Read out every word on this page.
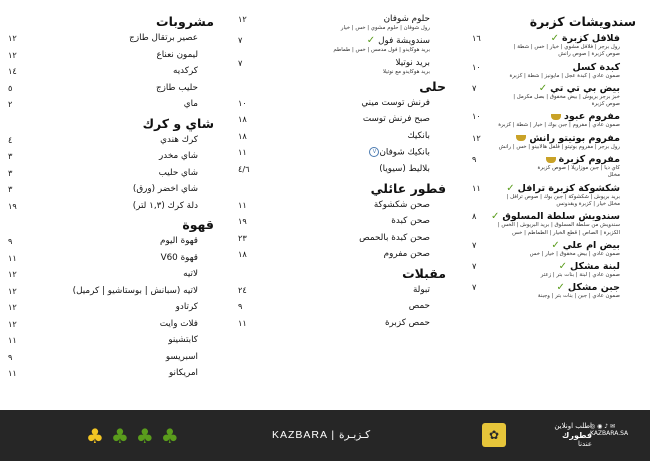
سندويشات كزبرة
فلافل كزبرة✓
رول برجر | فلافل مشوي | خيار | خس | شطة |
صوص كزبرة | صوص رانش
١٦
كبدة كسل
صمون عادي | كبدة عجل | مايونيز | شطة | كزبرة
١٠
بيض بي تي تي✓
خبز برجر بريوش | بيض مخفوق | بصل مكرمل |
صوص كزبرة
٧
مفروم عبود
صمون عادي | مفروم | جبن بوك | خيار | شطة | كزبرة
١٠
مفروم بوتيتو رانش
رول برجر | مفروم بوتيتو | فلفل هالابينو | خس | رانش
١٢
مفروم كزبرة
كاي ديا | جبن موزاريلا | صوص كزبرة
مخلل
٩
شكشوكة كزبرة ترافل✓
بريد بريوش | شكشوكة | جبن بوك | صوص ترافل |
مخلل خيار | كزبرة وبقدونس
١١
سندويش سلطة المسلوق✓
سندويش من سلطة المسلوق | بريد البريوش | الخس |
الكزبرة | الصاص | قطع الخيار | الطماطم | خس
٨
بيض ام علي✓
صمون عادي | بيض مخفوق | خيار | خس
٧
لبنة مشكل✓
صمون عادي | لبنة | بنات بتر | زعتر
٧
جبن مشكل✓
صمون عادي | جبن | بنات بتر | وجبنة
٧
حلوم شوفان
رول شوفان | حلوم مشوي | خس | خيار
١٢
سندويشة فول✓
بريد هوكايدو | فول مدمس | خس | طماطم
٧
بريد نوتيلا
بريد هوكايدو مع نوتيلا
٧
حلى
فرنش توست ميني
١٠
صبح فرنش توست
١٨
بانكيك
١٨
بانكيك شوفانV
١١
بلاليط (سيويا)
٤/٦
فطور عائلي
صحن شكشوكة
١١
صحن كبدة
١٩
صحن كبدة بالحمص
٢٣
صحن مفروم
١٨
مقبلات
تبولة
٢٤
حمص
٩
حمص كزبرة
١١
مشروبات
عصير برتقال طازج
١٢
ليمون نعناع
١٢
كركديه
١٤
حليب طازج
٥
ماي
٢
شاي و كرك
كرك هندي
٤
شاي مخدر
٣
شاي حليب
٣
شاي اخضر (ورق)
٣
دلة كرك (١,٣ لتر)
١٩
قهوة
قهوة اليوم
٩
قهوة V60
١١
لاتيه
١٢
لاتيه (سبانش | بوستاشيو | كرميل)
١٢
كرتادو
١٢
فلات وايت
١٢
كابتشينو
١١
اسبريسو
٩
امريكانو
١١
♣ ♣ ♣ ♣	KAZBARA | كـزبـرة	✿
اطلب اونلاين
فطورك
عندنا
◎ ◉ ♪ ✉
KAZBARA.SA
